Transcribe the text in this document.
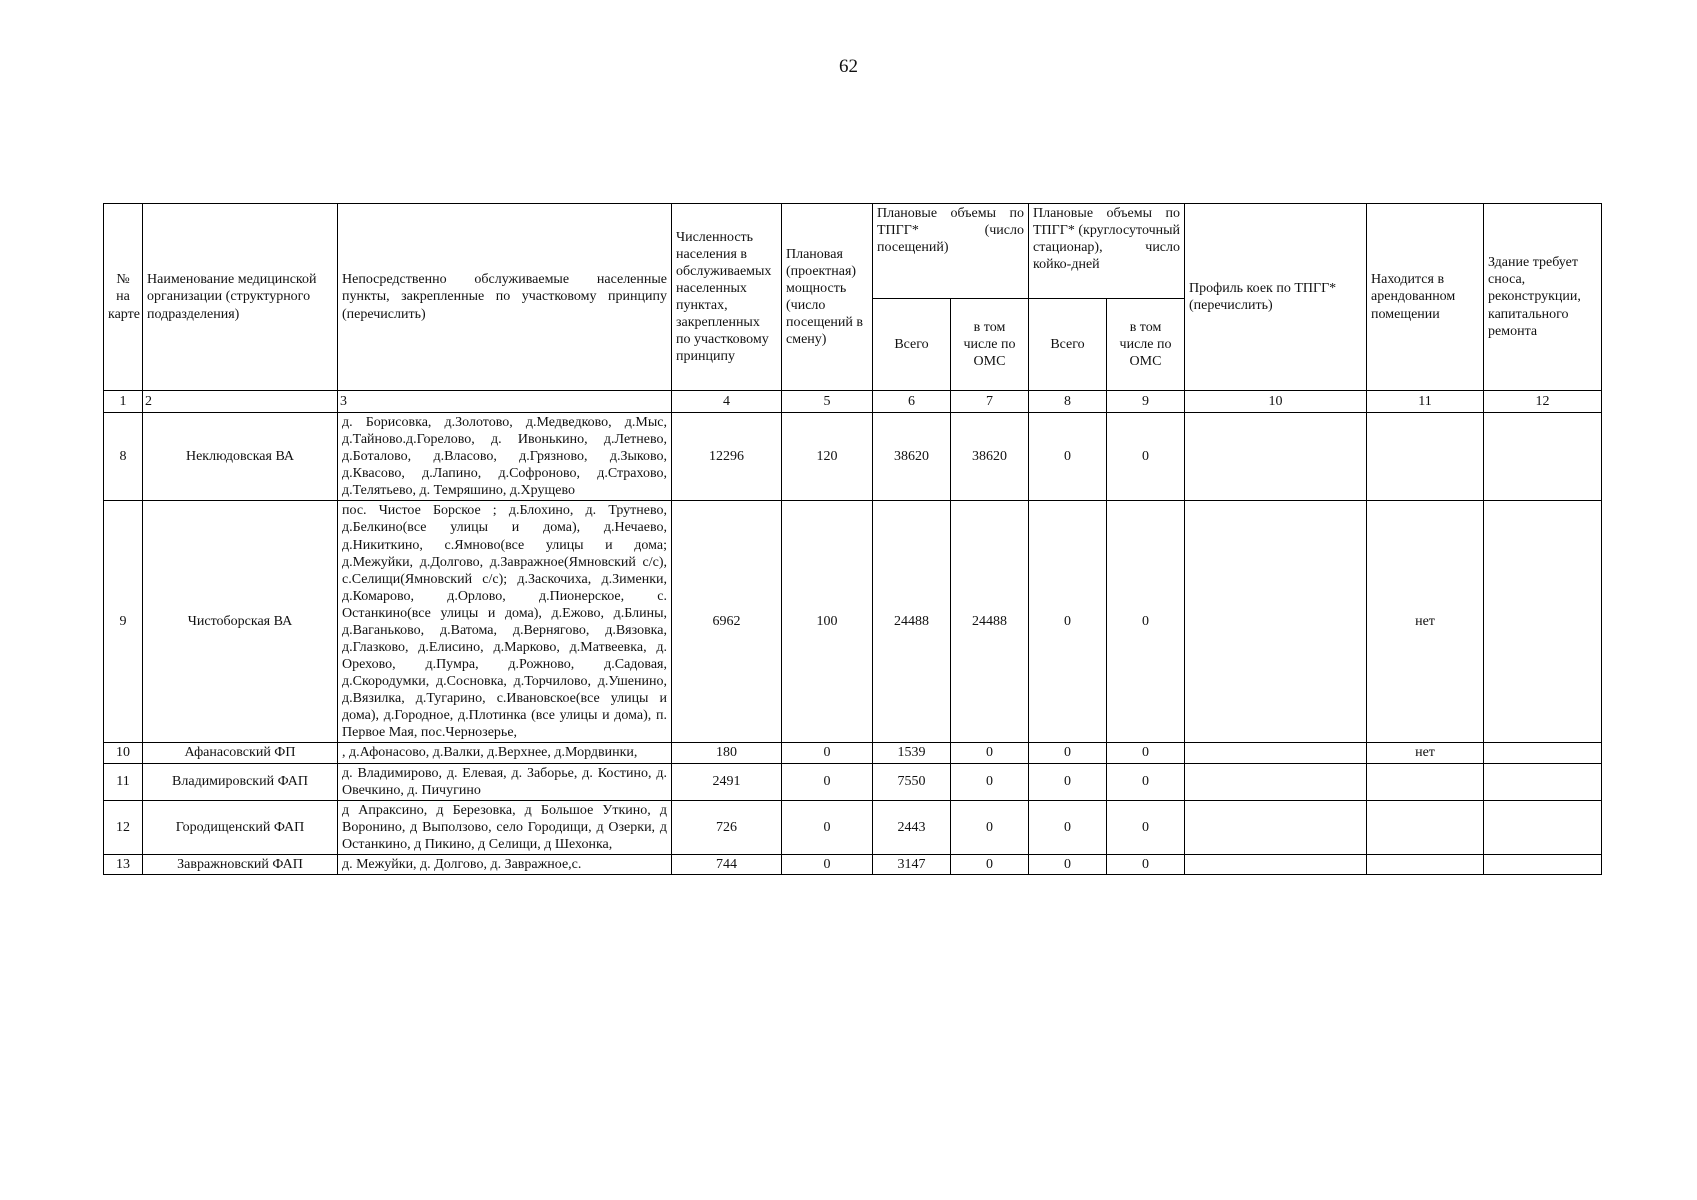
62
№ на карте	Наименование медицинской организации (структурного подразделения)	Непосредственно обслуживаемые населенные пункты, закрепленные по участковому принципу (перечислить)	Численность населения в обслуживаемых населенных пунктах, закрепленных по участковому принципу	Плановая (проектная) мощность (число посещений в смену)	Плановые объемы по ТПГГ* (число посещений)		Плановые объемы по ТПГГ* (круглосуточный стационар), число койко-дней		Профиль коек по ТПГГ* (перечислить)	Находится в арендованном помещении	Здание требует сноса, реконструкции, капитального ремонта
					Всего	в том числе по ОМС	Всего	в том числе по ОМС			
1	2	3	4	5	6	7	8	9	10	11	12
8	Неклюдовская ВА	д. Борисовка, д.Золотово, д.Медведково, д.Мыс, д.Тайново.д.Горелово, д. Ивонькино, д.Летнево, д.Боталово, д.Власово, д.Грязново, д.Зыково, д.Квасово, д.Лапино, д.Софроново, д.Страхово, д.Телятьево, д. Темряшино, д.Хрущево	12296	120	38620	38620	0	0			
9	Чистоборская ВА	пос. Чистое Борское ; д.Блохино, д. Трутнево, д.Белкино(все улицы и дома), д.Нечаево, д.Никиткино, с.Ямново(все улицы и дома; д.Межуйки, д.Долгово, д.Завражное(Ямновский с/с), с.Селищи(Ямновский с/с); д.Заскочиха, д.Зименки, д.Комарово, д.Орлово, д.Пионерское, с. Останкино(все улицы и дома), д.Ежово, д.Блины, д.Ваганьково, д.Ватома, д.Вернягово, д.Вязовка, д.Глазково, д.Елисино, д.Марково, д.Матвеевка, д. Орехово, д.Пумра, д.Рожново, д.Садовая, д.Скородумки, д.Сосновка, д.Торчилово, д.Ушенино, д.Вязилка, д.Тугарино, с.Ивановское(все улицы и дома), д.Городное, д.Плотинка (все улицы и дома), п. Первое Мая, пос.Чернозерье,	6962	100	24488	24488	0	0		нет	
10	Афанасовский ФП	, д.Афонасово, д.Валки, д.Верхнее, д.Мордвинки,	180	0	1539	0	0	0		нет	
11	Владимировский ФАП	д. Владимирово, д. Елевая, д. Заборье, д. Костино, д. Овечкино, д. Пичугино	2491	0	7550	0	0	0			
12	Городищенский ФАП	д Апраксино, д Березовка, д Большое Уткино, д Воронино, д Выползово, село Городищи, д Озерки, д Останкино, д Пикино, д Селищи, д Шехонка,	726	0	2443	0	0	0			
13	Завражновский ФАП	д. Межуйки, д. Долгово, д. Завражное,с.	744	0	3147	0	0	0			
